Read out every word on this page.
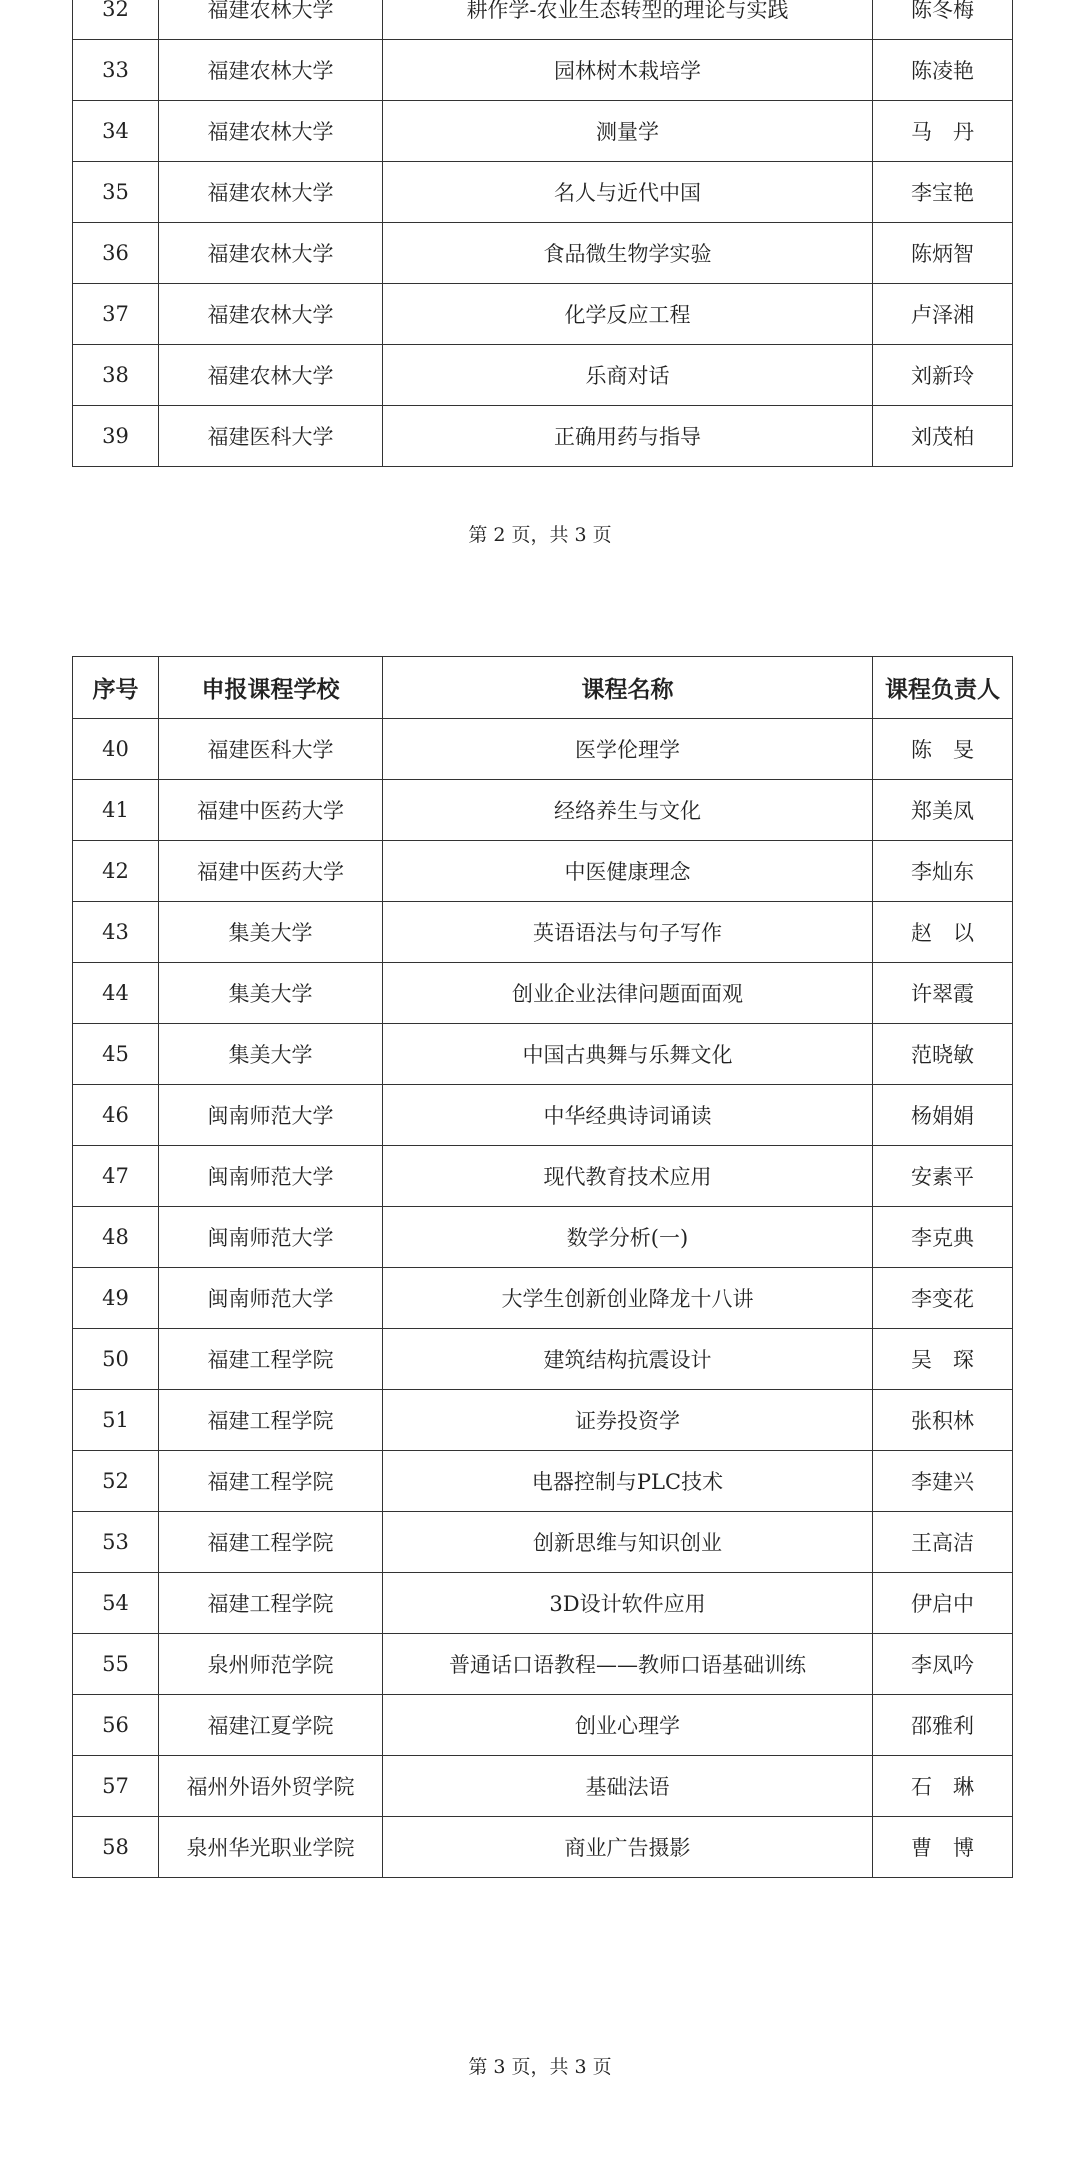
32	福建农林大学	耕作学-农业生态转型的理论与实践	陈冬梅
33	福建农林大学	园林树木栽培学	陈凌艳
34	福建农林大学	测量学	马　丹
35	福建农林大学	名人与近代中国	李宝艳
36	福建农林大学	食品微生物学实验	陈炳智
37	福建农林大学	化学反应工程	卢泽湘
38	福建农林大学	乐商对话	刘新玲
39	福建医科大学	正确用药与指导	刘茂柏
第 2 页，共 3 页
序号	申报课程学校	课程名称	课程负责人
40	福建医科大学	医学伦理学	陈　旻
41	福建中医药大学	经络养生与文化	郑美凤
42	福建中医药大学	中医健康理念	李灿东
43	集美大学	英语语法与句子写作	赵　以
44	集美大学	创业企业法律问题面面观	许翠霞
45	集美大学	中国古典舞与乐舞文化	范晓敏
46	闽南师范大学	中华经典诗词诵读	杨娟娟
47	闽南师范大学	现代教育技术应用	安素平
48	闽南师范大学	数学分析(一)	李克典
49	闽南师范大学	大学生创新创业降龙十八讲	李变花
50	福建工程学院	建筑结构抗震设计	吴　琛
51	福建工程学院	证券投资学	张积林
52	福建工程学院	电器控制与PLC技术	李建兴
53	福建工程学院	创新思维与知识创业	王高洁
54	福建工程学院	3D设计软件应用	伊启中
55	泉州师范学院	普通话口语教程——教师口语基础训练	李凤吟
56	福建江夏学院	创业心理学	邵雅利
57	福州外语外贸学院	基础法语	石　琳
58	泉州华光职业学院	商业广告摄影	曹　博
第 3 页，共 3 页
